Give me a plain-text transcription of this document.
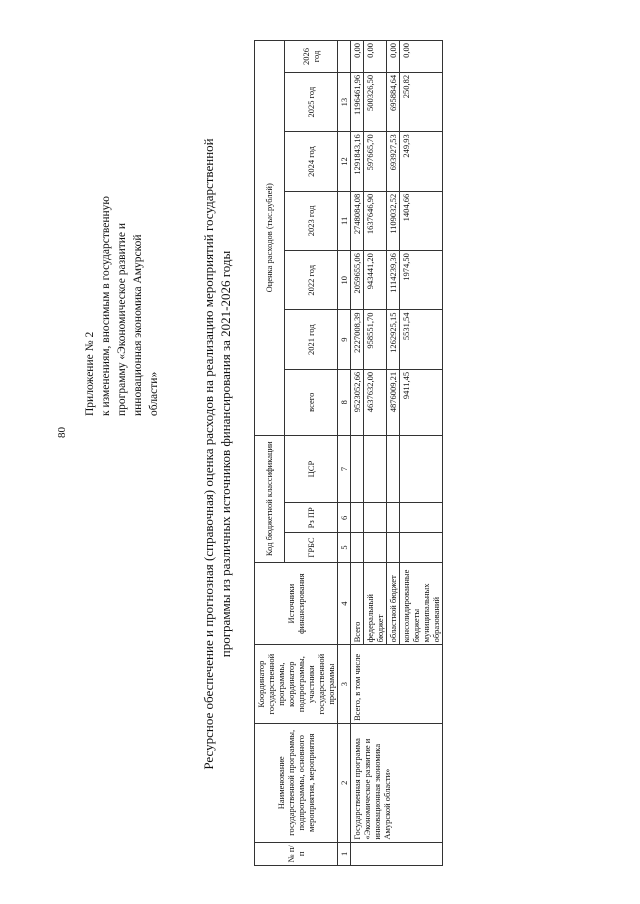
80
Приложение № 2 к изменениям, вносимым в государственную программу «Экономическое развитие и инновационная экономика Амурской области»	Ресурсное обеспечение и прогнозная (справочная) оценка расходов на реализацию мероприятий государственной программы из различных источников финансирования за 2021-2026 годы
№ п/п	Наименование государственной программы, подпрограммы, основного мероприятия, мероприятия	Координатор государственной программы, координатор подпрограммы, участники государственной программы	Источники финансирования	Код бюджетной классификации			Оценка расходов (тыс.рублей)						
				ГРБС	Рз ПР	ЦСР	всего	2021 год	2022 год	2023 год	2024 год	2025 год	2026 год
1	2	3	4	5	6	7	8	9	10	11	12	13	
	Государственная программа «Экономическое развитие и инновационная экономика Амурской области»	Всего, в том числе	Всего				9523052,66	2227008,39	2059655,06	2748084,08	1291843,16	1196461,96	0,00
			федеральный бюджет				4637632,00	958551,70	943441,20	1637646,90	597665,70	500326,50	0,00
			областной бюджет				4876009,21	1262925,15	1114239,36	1109032,52	693927,53	695884,64	0,00
			консолидированные бюджеты муниципальных образований				9411,45	5531,54	1974,50	1404,66	249,93	250,82	0,00
